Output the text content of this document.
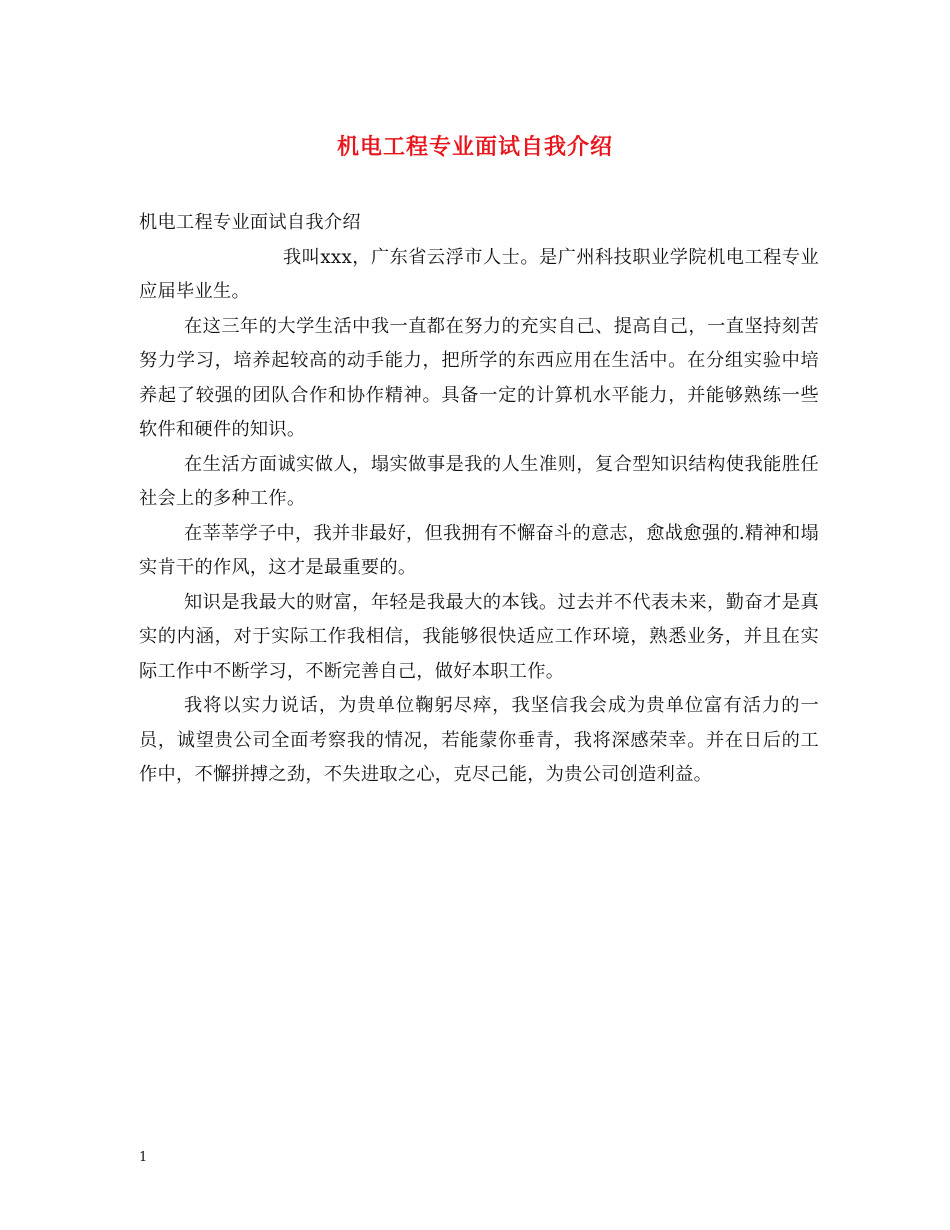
机电工程专业面试自我介绍

机电工程专业面试自我介绍

我叫xxx，广东省云浮市人士。是广州科技职业学院机电工程专业应届毕业生。

在这三年的大学生活中我一直都在努力的充实自己、提高自己，一直坚持刻苦努力学习，培养起较高的动手能力，把所学的东西应用在生活中。在分组实验中培养起了较强的团队合作和协作精神。具备一定的计算机水平能力，并能够熟练一些软件和硬件的知识。

在生活方面诚实做人，塌实做事是我的人生准则，复合型知识结构使我能胜任社会上的多种工作。

在莘莘学子中，我并非最好，但我拥有不懈奋斗的意志，愈战愈强的.精神和塌实肯干的作风，这才是最重要的。

知识是我最大的财富，年轻是我最大的本钱。过去并不代表未来，勤奋才是真实的内涵，对于实际工作我相信，我能够很快适应工作环境，熟悉业务，并且在实际工作中不断学习，不断完善自己，做好本职工作。

我将以实力说话，为贵单位鞠躬尽瘁，我坚信我会成为贵单位富有活力的一员，诚望贵公司全面考察我的情况，若能蒙你垂青，我将深感荣幸。并在日后的工作中，不懈拼搏之劲，不失进取之心，克尽己能，为贵公司创造利益。

1
